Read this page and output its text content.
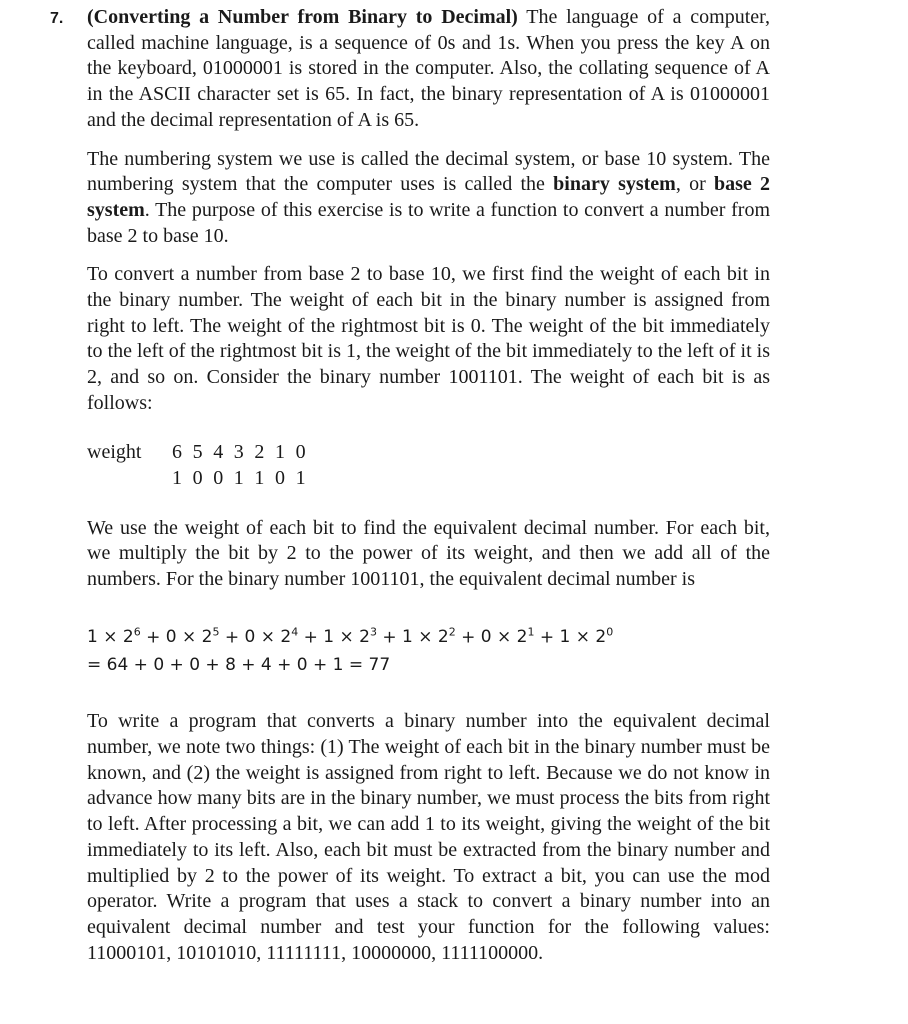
7. (Converting a Number from Binary to Decimal) The language of a computer, called machine language, is a sequence of 0s and 1s. When you press the key A on the keyboard, 01000001 is stored in the computer. Also, the collating sequence of A in the ASCII character set is 65. In fact, the binary representation of A is 01000001 and the decimal representation of A is 65.

The numbering system we use is called the decimal system, or base 10 system. The numbering system that the computer uses is called the binary system, or base 2 system. The purpose of this exercise is to write a function to convert a number from base 2 to base 10.

To convert a number from base 2 to base 10, we first find the weight of each bit in the binary number. The weight of each bit in the binary number is assigned from right to left. The weight of the rightmost bit is 0. The weight of the bit immediately to the left of the rightmost bit is 1, the weight of the bit immediately to the left of it is 2, and so on. Consider the binary number 1001101. The weight of each bit is as follows:

weight	6 5 4 3 2 1 0
1 0 0 1 1 0 1

We use the weight of each bit to find the equivalent decimal number. For each bit, we multiply the bit by 2 to the power of its weight, and then we add all of the numbers. For the binary number 1001101, the equivalent decimal number is

$1 \times 2^6 + 0 \times 2^5 + 0 \times 2^4 + 1 \times 2^3 + 1 \times 2^2 + 0 \times 2^1 + 1 \times 2^0$
= 64 + 0 + 0 + 8 + 4 + 0 + 1 = 77

To write a program that converts a binary number into the equivalent decimal number, we note two things: (1) The weight of each bit in the binary number must be known, and (2) the weight is assigned from right to left. Because we do not know in advance how many bits are in the binary number, we must process the bits from right to left. After processing a bit, we can add 1 to its weight, giving the weight of the bit immediately to its left. Also, each bit must be extracted from the binary number and multiplied by 2 to the power of its weight. To extract a bit, you can use the mod operator. Write a program that uses a stack to convert a binary number into an equivalent decimal number and test your function for the following values: 11000101, 10101010, 11111111, 10000000, 1111100000.
